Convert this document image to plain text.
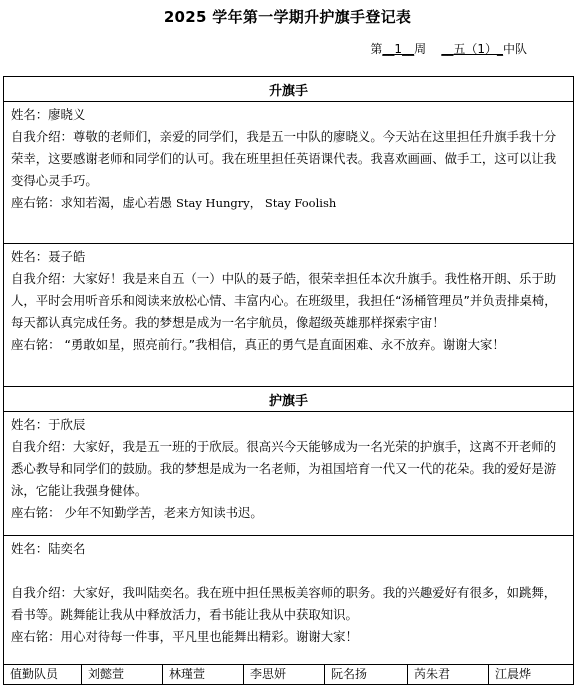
2025 学年第一学期升护旗手登记表
第__1__周 __五（1）_中队
升旗手

姓名：廖晓义

自我介绍：尊敬的老师们，亲爱的同学们，我是五一中队的廖晓义。今天站在这里担任升旗手我十分荣幸，这要感谢老师和同学们的认可。我在班里担任英语课代表。我喜欢画画、做手工，这可以让我变得心灵手巧。

座右铭：求知若渴，虚心若愚 Stay Hungry， Stay Foolish

姓名：聂子皓

自我介绍：大家好！我是来自五（一）中队的聂子皓，很荣幸担任本次升旗手。我性格开朗、乐于助人，平时会用听音乐和阅读来放松心情、丰富内心。在班级里，我担任“汤桶管理员”并负责排桌椅，每天都认真完成任务。我的梦想是成为一名宇航员，像超级英雄那样探索宇宙！

座右铭： “勇敢如星，照亮前行。”我相信，真正的勇气是直面困难、永不放弃。谢谢大家！

护旗手

姓名：于欣辰

自我介绍：大家好，我是五一班的于欣辰。很高兴今天能够成为一名光荣的护旗手，这离不开老师的悉心教导和同学们的鼓励。我的梦想是成为一名老师，为祖国培育一代又一代的花朵。我的爱好是游泳，它能让我强身健体。

座右铭： 少年不知勤学苦，老来方知读书迟。

姓名：陆奕名

自我介绍：大家好，我叫陆奕名。我在班中担任黑板美容师的职务。我的兴趣爱好有很多，如跳舞，看书等。跳舞能让我从中释放活力，看书能让我从中获取知识。

座右铭：用心对待每一件事，平凡里也能舞出精彩。谢谢大家！

值勤队员	刘懿萱	林瑾萱	李思妍	阮名扬	芮朱君	江晨烨
